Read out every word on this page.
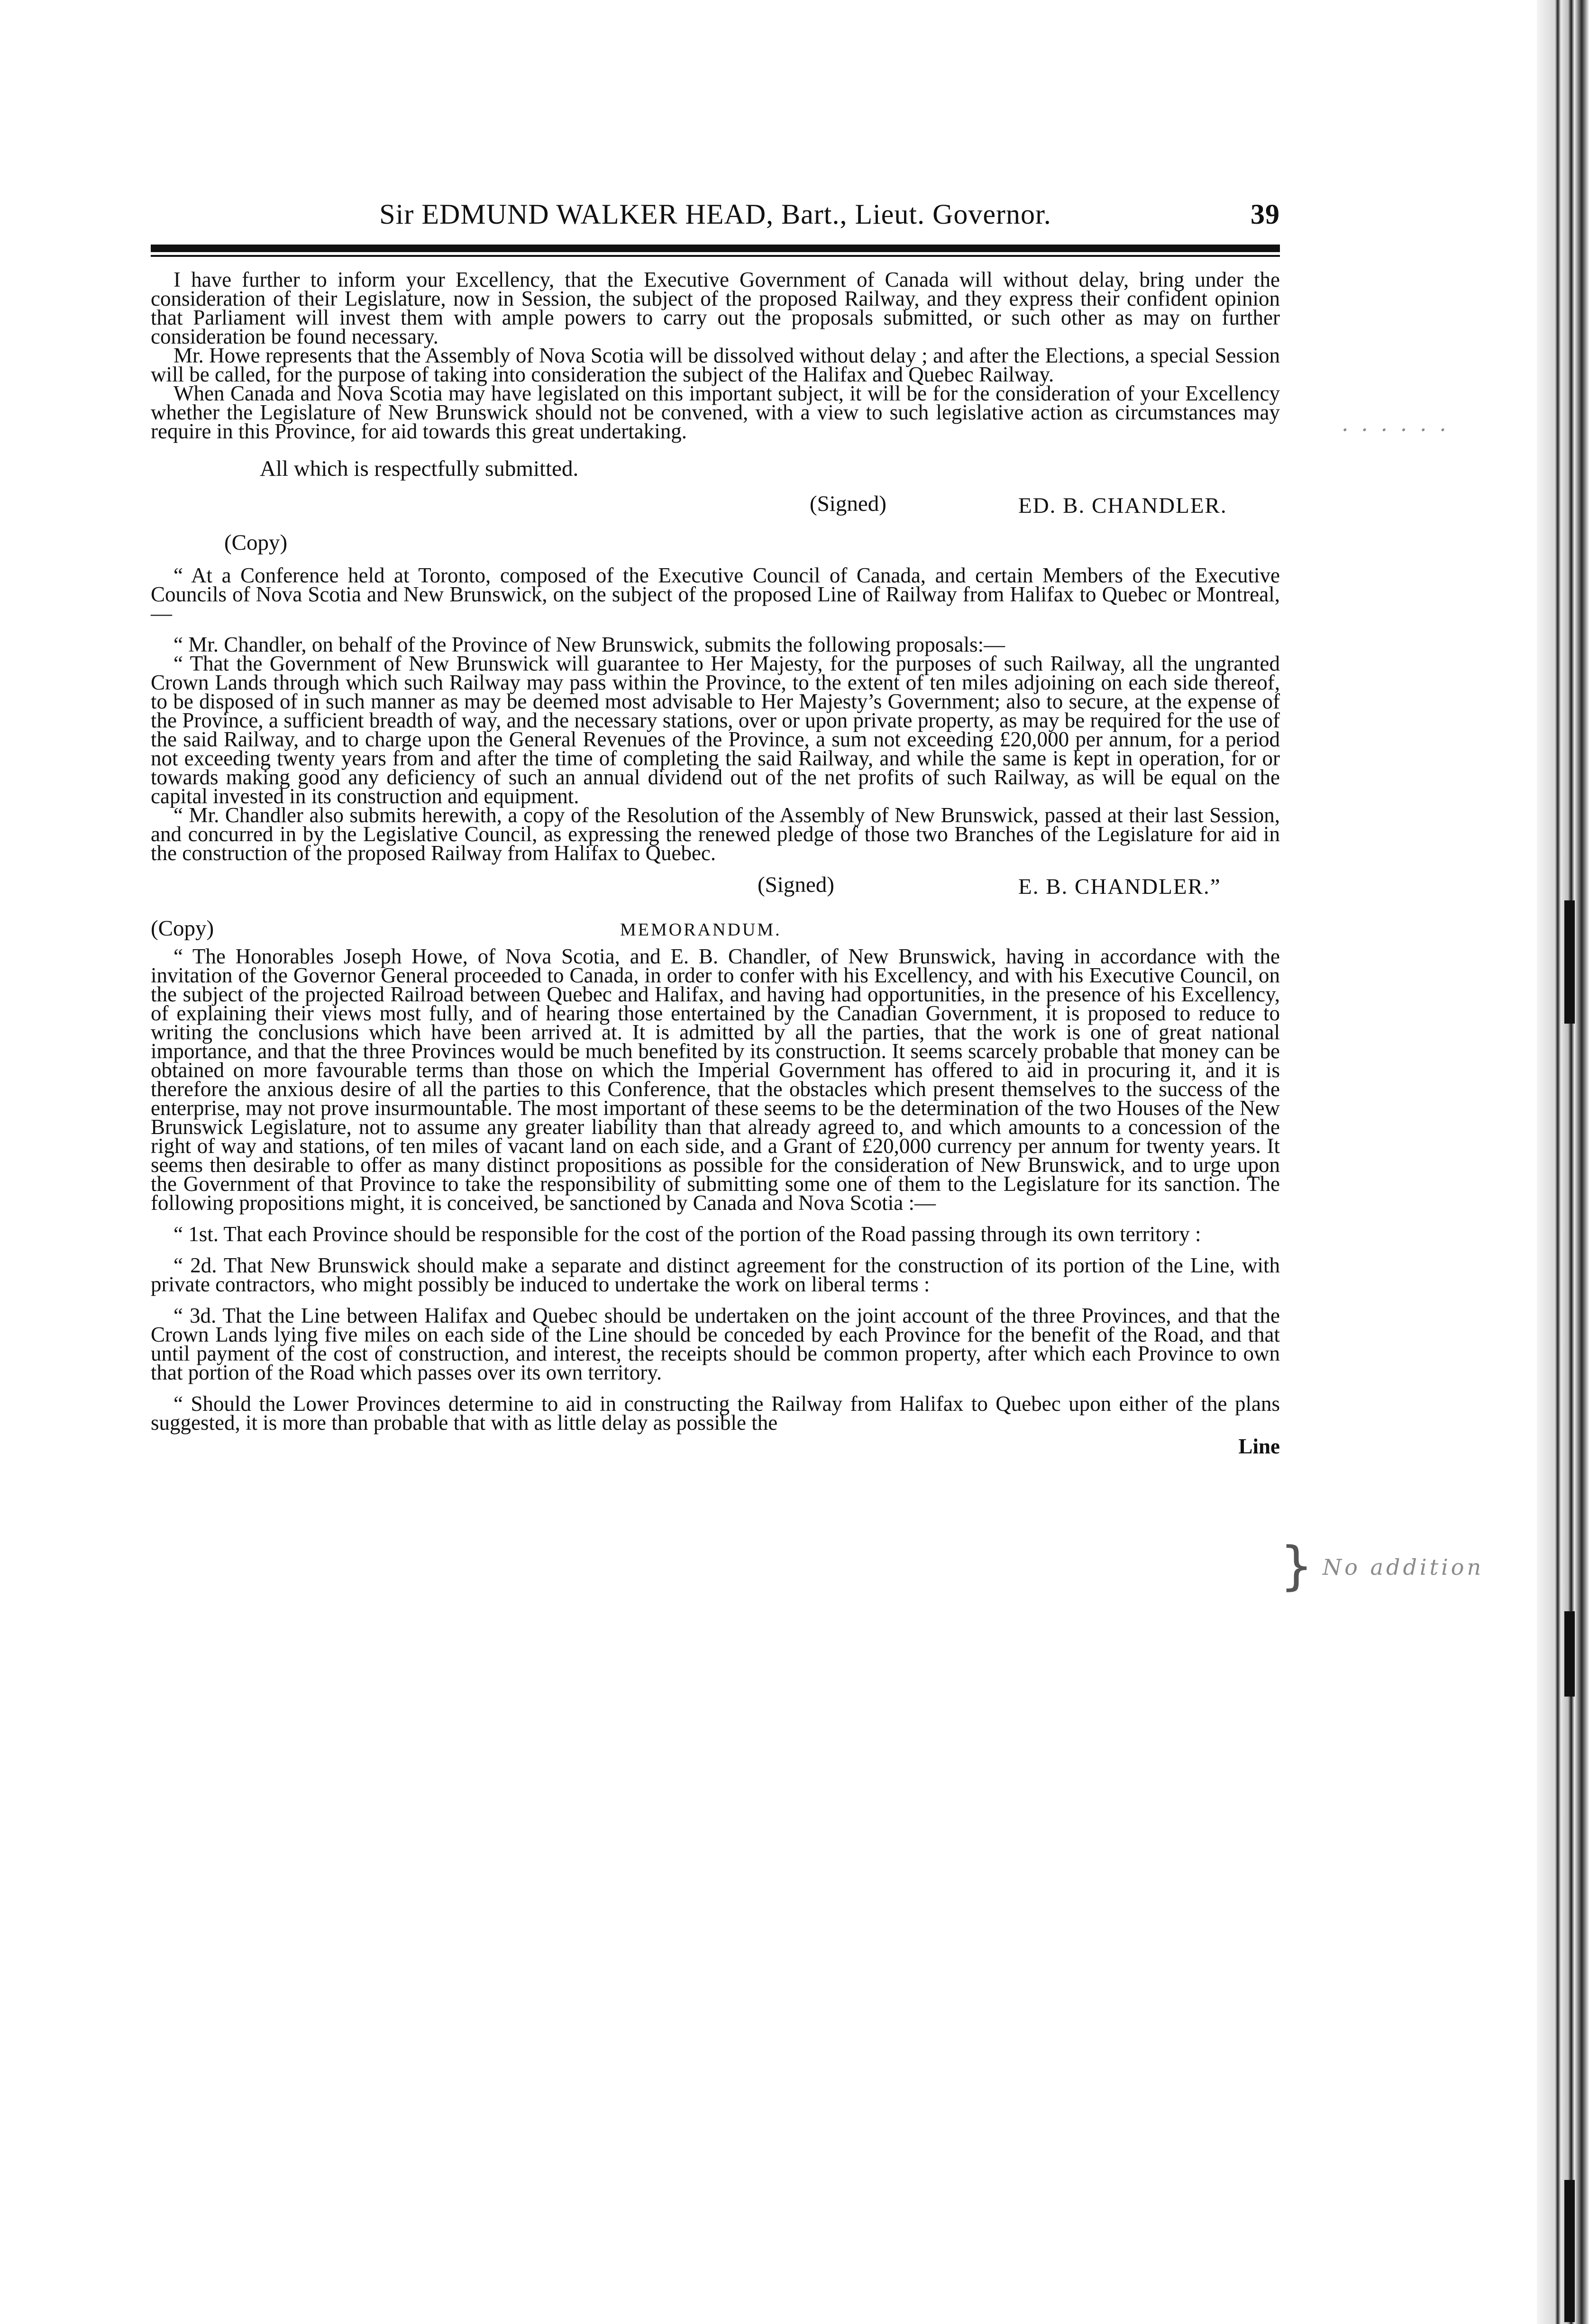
Sir EDMUND WALKER HEAD, Bart., Lieut. Governor.	39

I have further to inform your Excellency, that the Executive Government of Canada will without delay, bring under the consideration of their Legislature, now in Session, the subject of the proposed Railway, and they express their confident opinion that Parliament will invest them with ample powers to carry out the proposals submitted, or such other as may on further consideration be found necessary.

Mr. Howe represents that the Assembly of Nova Scotia will be dissolved without delay ; and after the Elections, a special Session will be called, for the purpose of taking into consideration the subject of the Halifax and Quebec Railway.

When Canada and Nova Scotia may have legislated on this important subject, it will be for the consideration of your Excellency whether the Legislature of New Brunswick should not be convened, with a view to such legislative action as circumstances may require in this Province, for aid towards this great undertaking.

All which is respectfully submitted.
(Signed)	ED. B. CHANDLER.
(Copy)

“ At a Conference held at Toronto, composed of the Executive Council of Canada, and certain Members of the Executive Councils of Nova Scotia and New Brunswick, on the subject of the proposed Line of Railway from Halifax to Quebec or Montreal,—

“ Mr. Chandler, on behalf of the Province of New Brunswick, submits the following proposals:—

“ That the Government of New Brunswick will guarantee to Her Majesty, for the purposes of such Railway, all the ungranted Crown Lands through which such Railway may pass within the Province, to the extent of ten miles adjoining on each side thereof, to be disposed of in such manner as may be deemed most advisable to Her Majesty’s Government; also to secure, at the expense of the Province, a sufficient breadth of way, and the necessary stations, over or upon private property, as may be required for the use of the said Railway, and to charge upon the General Revenues of the Province, a sum not exceeding £20,000 per annum, for a period not exceeding twenty years from and after the time of completing the said Railway, and while the same is kept in operation, for or towards making good any deficiency of such an annual dividend out of the net profits of such Railway, as will be equal on the capital invested in its construction and equipment.

“ Mr. Chandler also submits herewith, a copy of the Resolution of the Assembly of New Brunswick, passed at their last Session, and concurred in by the Legislative Council, as expressing the renewed pledge of those two Branches of the Legislature for aid in the construction of the proposed Railway from Halifax to Quebec.

(Signed)	E. B. CHANDLER.”
(Copy)	MEMORANDUM.

“ The Honorables Joseph Howe, of Nova Scotia, and E. B. Chandler, of New Brunswick, having in accordance with the invitation of the Governor General proceeded to Canada, in order to confer with his Excellency, and with his Executive Council, on the subject of the projected Railroad between Quebec and Halifax, and having had opportunities, in the presence of his Excellency, of explaining their views most fully, and of hearing those entertained by the Canadian Government, it is proposed to reduce to writing the conclusions which have been arrived at. It is admitted by all the parties, that the work is one of great national importance, and that the three Provinces would be much benefited by its construction. It seems scarcely probable that money can be obtained on more favourable terms than those on which the Imperial Government has offered to aid in procuring it, and it is therefore the anxious desire of all the parties to this Conference, that the obstacles which present themselves to the success of the enterprise, may not prove insurmountable. The most important of these seems to be the determination of the two Houses of the New Brunswick Legislature, not to assume any greater liability than that already agreed to, and which amounts to a concession of the right of way and stations, of ten miles of vacant land on each side, and a Grant of £20,000 currency per annum for twenty years. It seems then desirable to offer as many distinct propositions as possible for the consideration of New Brunswick, and to urge upon the Government of that Province to take the responsibility of submitting some one of them to the Legislature for its sanction. The following propositions might, it is conceived, be sanctioned by Canada and Nova Scotia :—

“ 1st. That each Province should be responsible for the cost of the portion of the Road passing through its own territory :

“ 2d. That New Brunswick should make a separate and distinct agreement for the construction of its portion of the Line, with private contractors, who might possibly be induced to undertake the work on liberal terms :

“ 3d. That the Line between Halifax and Quebec should be undertaken on the joint account of the three Provinces, and that the Crown Lands lying five miles on each side of the Line should be conceded by each Province for the benefit of the Road, and that until payment of the cost of construction, and interest, the receipts should be common property, after which each Province to own that portion of the Road which passes over its own territory.

“ Should the Lower Provinces determine to aid in constructing the Railway from Halifax to Quebec upon either of the plans suggested, it is more than probable that with as little delay as possible the

Line
· · · · · ·
} No addition
